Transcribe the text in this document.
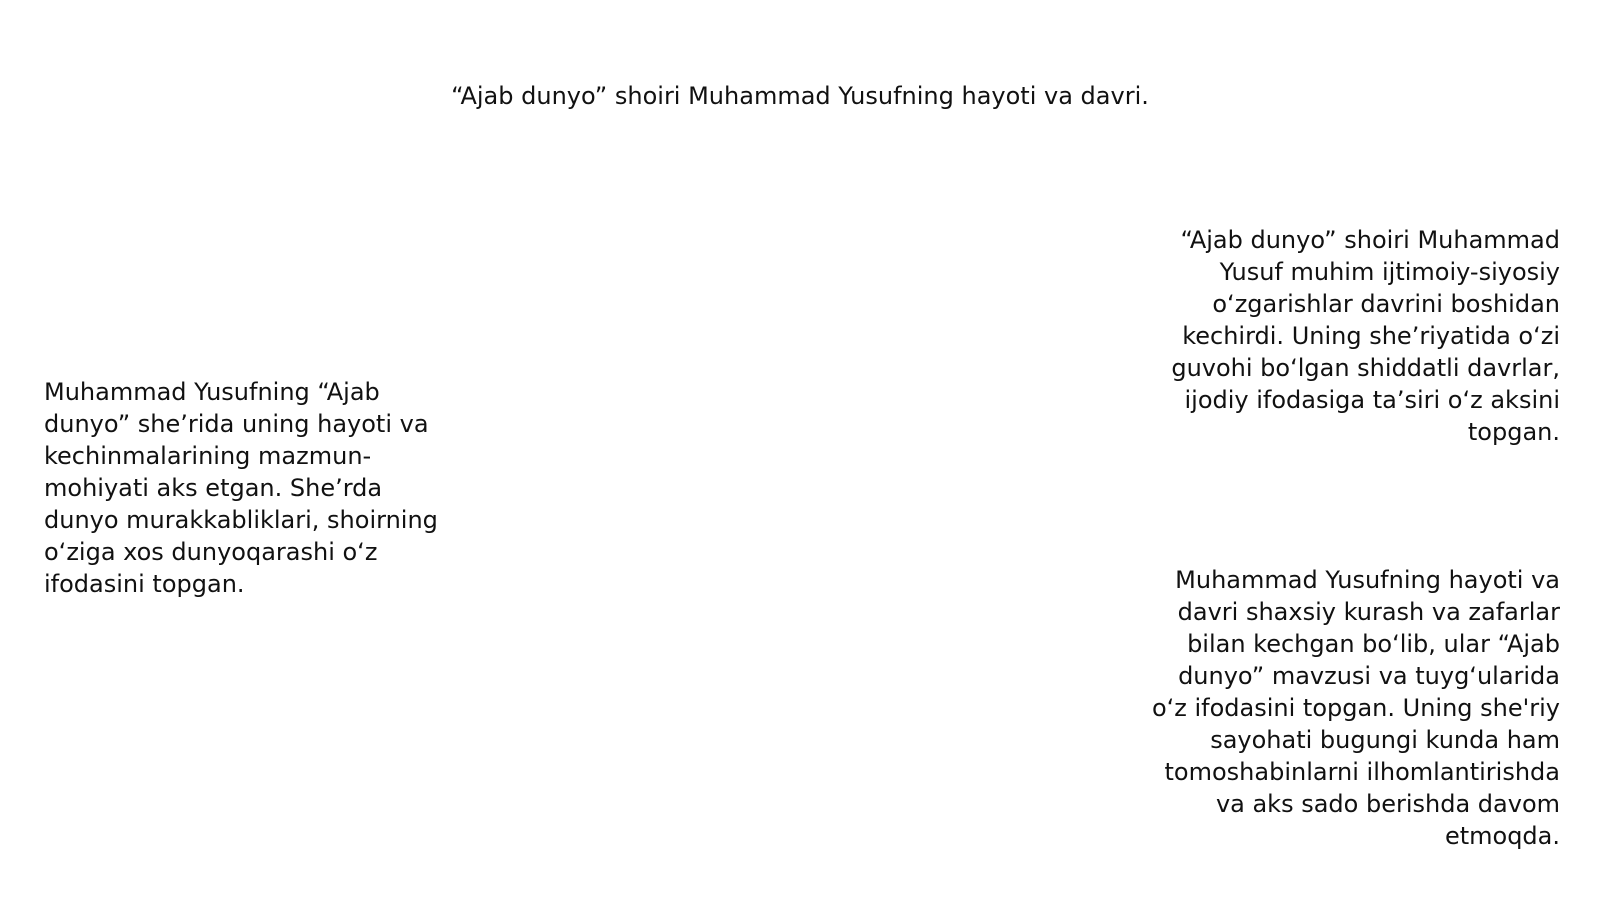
“Ajab dunyo” shoiri Muhammad Yusufning hayoti va davri.

Muhammad Yusufning “Ajab dunyo” she’rida uning hayoti va kechinmalarining mazmun-mohiyati aks etgan. She’rda dunyo murakkabliklari, shoirning o‘ziga xos dunyoqarashi o‘z ifodasini topgan.

“Ajab dunyo” shoiri Muhammad Yusuf muhim ijtimoiy-siyosiy o‘zgarishlar davrini boshidan kechirdi. Uning she’riyatida o‘zi guvohi bo‘lgan shiddatli davrlar, ijodiy ifodasiga ta’siri o‘z aksini topgan.

Muhammad Yusufning hayoti va davri shaxsiy kurash va zafarlar bilan kechgan bo‘lib, ular “Ajab dunyo” mavzusi va tuyg‘ularida o‘z ifodasini topgan. Uning she'riy sayohati bugungi kunda ham tomoshabinlarni ilhomlantirishda va aks sado berishda davom etmoqda.
